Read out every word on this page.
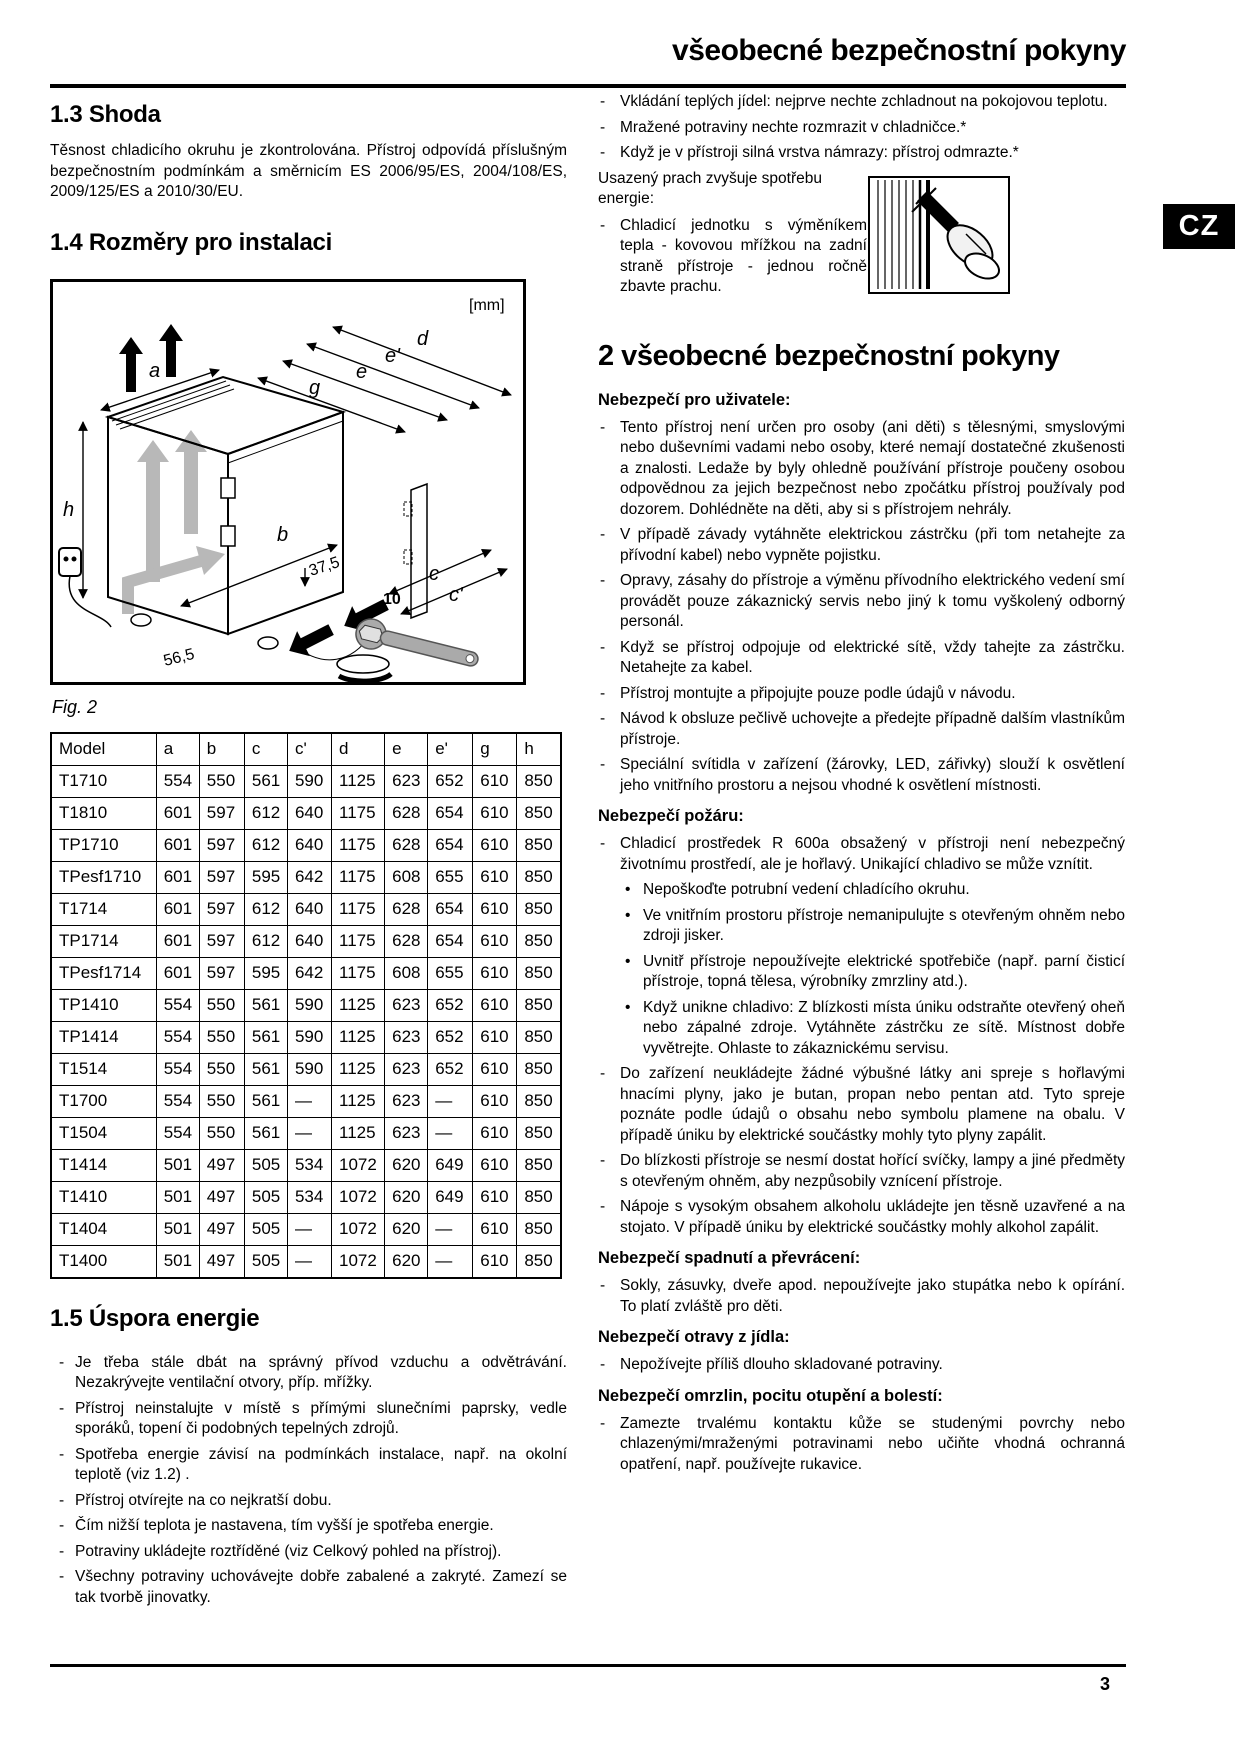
všeobecné bezpečnostní pokyny
CZ
1.3 Shoda
Těsnost chladicího okruhu je zkontrolována. Přístroj odpovídá příslušným bezpečnostním podmínkám a směrnicím ES 2006/95/ES, 2004/108/ES, 2009/125/ES a 2010/30/EU.
1.4 Rozměry pro instalaci
a
h
g
e
e'
d
b
c
c'
37,5
56,5
10
[mm]
Fig. 2
Model	a	b	c	c'	d	e	e'	g	h
T1710	554	550	561	590	1125	623	652	610	850
T1810	601	597	612	640	1175	628	654	610	850
TP1710	601	597	612	640	1175	628	654	610	850
TPesf1710	601	597	595	642	1175	608	655	610	850
T1714	601	597	612	640	1175	628	654	610	850
TP1714	601	597	612	640	1175	628	654	610	850
TPesf1714	601	597	595	642	1175	608	655	610	850
TP1410	554	550	561	590	1125	623	652	610	850
TP1414	554	550	561	590	1125	623	652	610	850
T1514	554	550	561	590	1125	623	652	610	850
T1700	554	550	561	—	1125	623	—	610	850
T1504	554	550	561	—	1125	623	—	610	850
T1414	501	497	505	534	1072	620	649	610	850
T1410	501	497	505	534	1072	620	649	610	850
T1404	501	497	505	—	1072	620	—	610	850
T1400	501	497	505	—	1072	620	—	610	850
1.5 Úspora energie
- Je třeba stále dbát na správný přívod vzduchu a odvětrávání. Nezakrývejte ventilační otvory, příp. mřížky.
- Přístroj neinstalujte v místě s přímými slunečními paprsky, vedle sporáků, topení či podobných tepelných zdrojů.
- Spotřeba energie závisí na podmínkách instalace, např. na okolní teplotě (viz 1.2) .
- Přístroj otvírejte na co nejkratší dobu.
- Čím nižší teplota je nastavena, tím vyšší je spotřeba energie.
- Potraviny ukládejte roztříděné (viz Celkový pohled na přístroj).
- Všechny potraviny uchovávejte dobře zabalené a zakryté. Zamezí se tak tvorbě jinovatky.
- Vkládání teplých jídel: nejprve nechte zchladnout na pokojovou teplotu.
- Mražené potraviny nechte rozmrazit v chladničce.*
- Když je v přístroji silná vrstva námrazy: přístroj odmrazte.*
Usazený prach zvyšuje spotřebu energie:
- Chladicí jednotku s výměníkem tepla - kovovou mřížkou na zadní straně přístroje - jednou ročně zbavte prachu.
2 všeobecné bezpečnostní pokyny
Nebezpečí pro uživatele:
- Tento přístroj není určen pro osoby (ani děti) s tělesnými, smyslovými nebo duševními vadami nebo osoby, které nemají dostatečné zkušenosti a znalosti. Ledaže by byly ohledně používání přístroje poučeny osobou odpovědnou za jejich bezpečnost nebo zpočátku přístroj používaly pod dozorem. Dohlédněte na děti, aby si s přístrojem nehrály.
- V případě závady vytáhněte elektrickou zástrčku (při tom netahejte za přívodní kabel) nebo vypněte pojistku.
- Opravy, zásahy do přístroje a výměnu přívodního elektrického vedení smí provádět pouze zákaznický servis nebo jiný k tomu vyškolený odborný personál.
- Když se přístroj odpojuje od elektrické sítě, vždy tahejte za zástrčku. Netahejte za kabel.
- Přístroj montujte a připojujte pouze podle údajů v návodu.
- Návod k obsluze pečlivě uchovejte a předejte případně dalším vlastníkům přístroje.
- Speciální svítidla v zařízení (žárovky, LED, zářivky) slouží k osvětlení jeho vnitřního prostoru a nejsou vhodné k osvětlení místnosti.
Nebezpečí požáru:
- Chladicí prostředek R 600a obsažený v přístroji není nebezpečný životnímu prostředí, ale je hořlavý. Unikající chladivo se může vznítit.
• Nepoškoďte potrubní vedení chladícího okruhu.
• Ve vnitřním prostoru přístroje nemanipulujte s otevřeným ohněm nebo zdroji jisker.
• Uvnitř přístroje nepoužívejte elektrické spotřebiče (např. parní čisticí přístroje, topná tělesa, výrobníky zmrzliny atd.).
• Když unikne chladivo: Z blízkosti místa úniku odstraňte otevřený oheň nebo zápalné zdroje. Vytáhněte zástrčku ze sítě. Místnost dobře vyvětrejte. Ohlaste to zákaznickému servisu.
- Do zařízení neukládejte žádné výbušné látky ani spreje s hořlavými hnacími plyny, jako je butan, propan nebo pentan atd. Tyto spreje poznáte podle údajů o obsahu nebo symbolu plamene na obalu. V případě úniku by elektrické součástky mohly tyto plyny zapálit.
- Do blízkosti přístroje se nesmí dostat hořící svíčky, lampy a jiné předměty s otevřeným ohněm, aby nezpůsobily vznícení přístroje.
- Nápoje s vysokým obsahem alkoholu ukládejte jen těsně uzavřené a na stojato. V případě úniku by elektrické součástky mohly alkohol zapálit.
Nebezpečí spadnutí a převrácení:
- Sokly, zásuvky, dveře apod. nepoužívejte jako stupátka nebo k opírání. To platí zvláště pro děti.
Nebezpečí otravy z jídla:
- Nepožívejte příliš dlouho skladované potraviny.
Nebezpečí omrzlin, pocitu otupění a bolestí:
- Zamezte trvalému kontaktu kůže se studenými povrchy nebo chlazenými/mraženými potravinami nebo učiňte vhodná ochranná opatření, např. používejte rukavice.
3
